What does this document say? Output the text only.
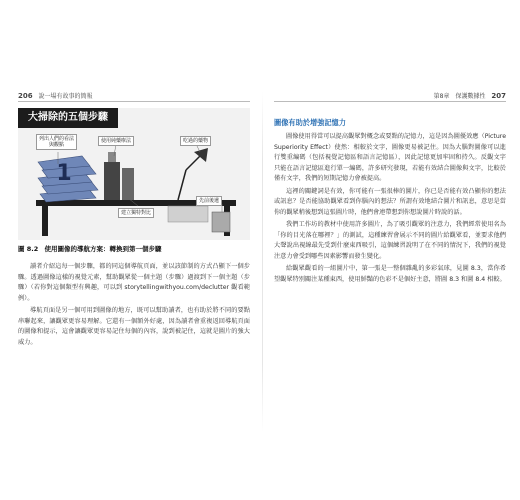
206 說一場有故事的簡報
1
大掃除的五個步驟
列出人們的看法
與觀點
使用純藥療法	吃過的藥物
建立獨特對比
先前後遺
圖 8.2 使用圖像的導航方案：轉換到第一個步驟

讀者介紹這每一個步驟，都的同這個導航頁面，並以該節制的方式凸顯下一個步驟。透過圖像這樣的視覺元素，幫助觀眾從一個主題（步驟）過渡到下一個主題（步驟）（若你對這個類型有興趣，可以到 storytellingwithyou.com/declutter 觀看範例）。

導航頁面是另一個可用到圖像的地方，既可以幫助讀者，也有助於將不同的要點串聯起來，讓觀眾更容易理解。它還有一個額外好處，因為讀者會重複返回導航頁面的圖像和提示，這會讓觀眾更容易記住每個的內容，說到被記住，這就是圖片的強大威力。

第8章　保護數據性 207
圖像有助於增強記憶力

圖像使用得當可以提高觀眾對概念或要點的記憶力，這是因為圖優效應（Picture Superiority Effect）使然：相較於文字，圖像更易被記住。因為大腦對圖像可以進行雙重編碼（包括視覺記憶區和語言記憶區），因此記憶更加牢固和持久。反觀文字只能在語言記憶區進行單一編碼，許多研究發現，若能有效結合圖像與文字，比較於僅有文字，我們的短期記憶力會被提高。

這裡的關鍵詞是有效，你可能有一張很棒的圖片，你已是否能有效凸顯你的想法或訊息？是否能協助觀眾看到你腦內的想法？所謂有效地結合圖片和訊息，意思是當你的觀眾稍後想到這張圖片時，他們會連帶想到你想說圖片時說的話。

我們工作坊的教材中使用許多圖片，為了吸引觀眾的注意力，我們經常使用名為「你的目光落在哪裡？」的測試，這種練習會展示不同的圖片給觀眾看，並要求他們大聲說出視線最先受到什麼東西吸引，這個練習說明了在不同的情況下，我們的視覺注意力會受到哪些因素影響而發生變化。

給觀眾觀看的一組圖片中，第一張是一整個雜亂的多彩氣球，見圖 8.3，當你希望觀眾特別關注某種東西，使用鮮豔的色彩不是個好主意，將圖 8.3 和圖 8.4 相較。
